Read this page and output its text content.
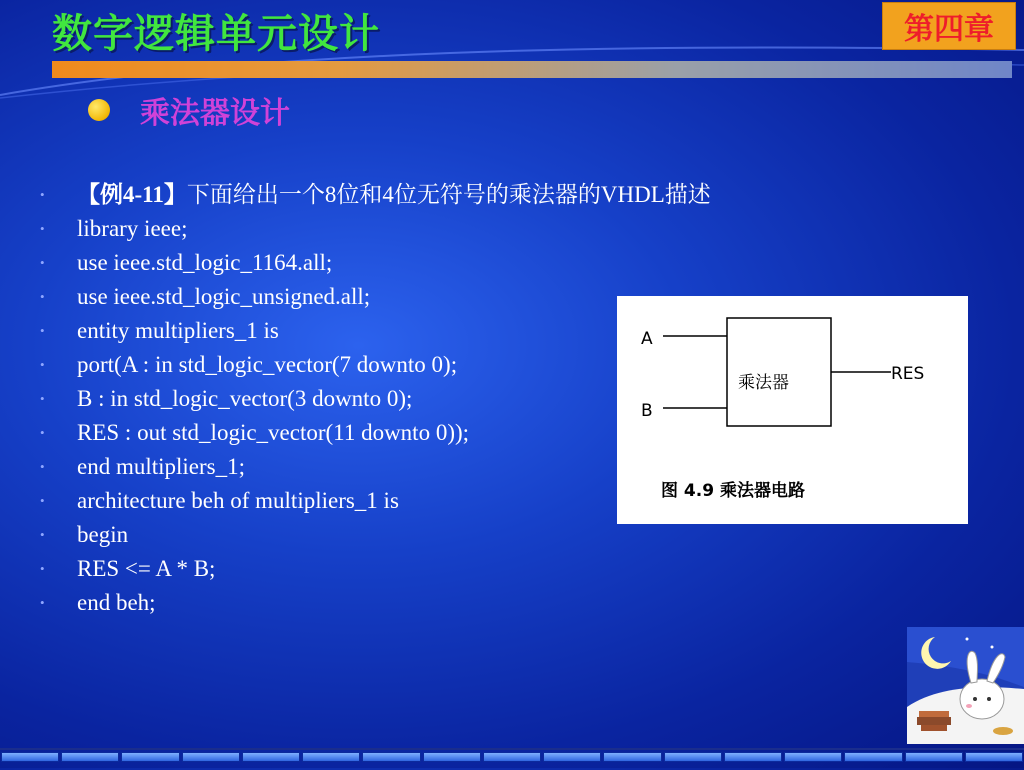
数字逻辑单元设计	第四章
乘法器设计
• 【例4-11】下面给出一个8位和4位无符号的乘法器的VHDL描述
• library ieee;
• use ieee.std_logic_1164.all;
• use ieee.std_logic_unsigned.all;
• entity multipliers_1 is
• port(A : in std_logic_vector(7 downto 0);
• B : in std_logic_vector(3 downto 0);
• RES : out std_logic_vector(11 downto 0));
• end multipliers_1;
• architecture beh of multipliers_1 is
• begin
• RES <= A * B;
• end beh;
A
B
RES
乘法器
图 4.9 乘法器电路
